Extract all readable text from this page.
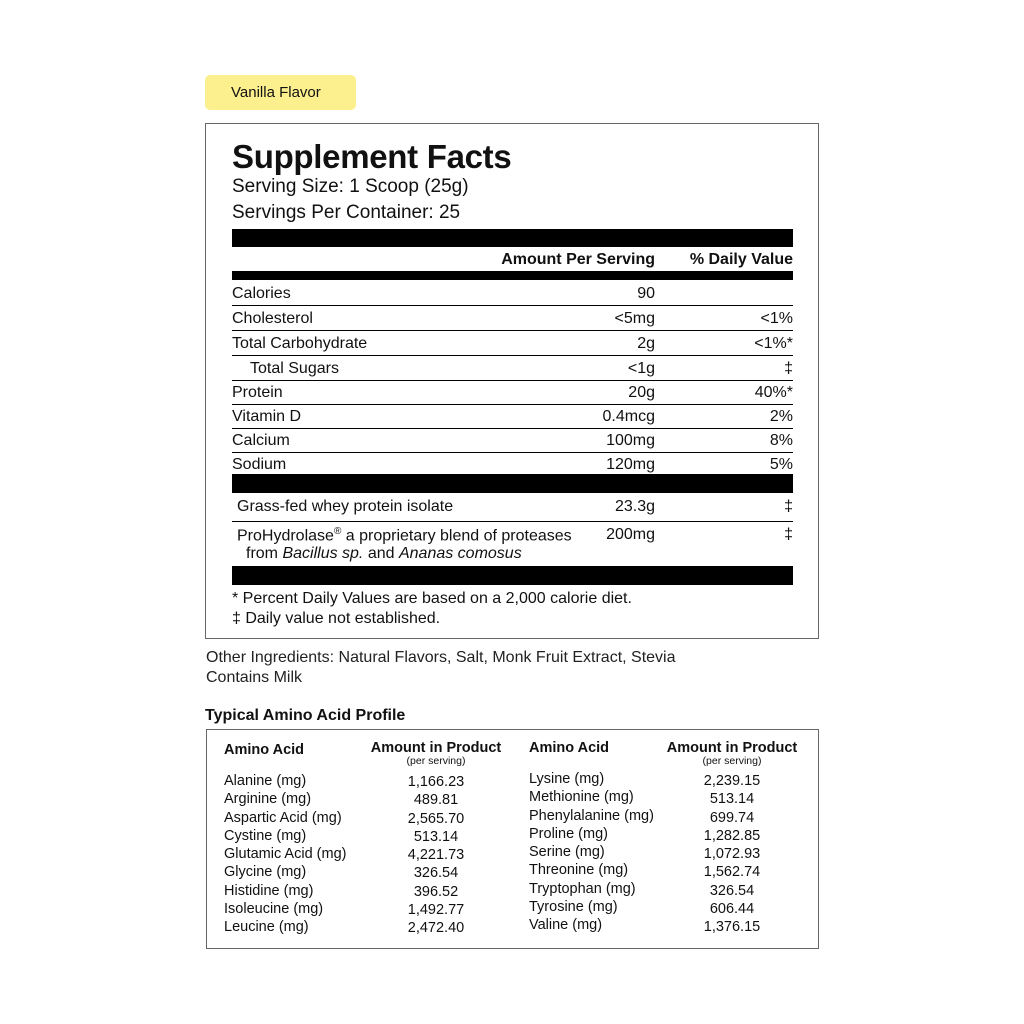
Vanilla Flavor
Supplement Facts
Serving Size: 1 Scoop (25g)
Servings Per Container: 25
Amount Per Serving % Daily Value
Calories	90
Cholesterol	<5mg	<1%
Total Carbohydrate	2g	<1%*
Total Sugars	<1g	‡
Protein	20g	40%*
Vitamin D	0.4mcg	2%
Calcium	100mg	8%
Sodium	120mg	5%
Grass-fed whey protein isolate	23.3g	‡
ProHydrolase® a proprietary blend of proteases
from Bacillus sp. and Ananas comosus
200mg	‡
* Percent Daily Values are based on a 2,000 calorie diet.
‡ Daily value not established.
Other Ingredients: Natural Flavors, Salt, Monk Fruit Extract, Stevia
Contains Milk
Typical Amino Acid Profile
Amino Acid	Amount in Product
(per serving)
Alanine (mg)	1,166.23
Arginine (mg)	489.81
Aspartic Acid (mg)	2,565.70
Cystine (mg)	513.14
Glutamic Acid (mg)	4,221.73
Glycine (mg)	326.54
Histidine (mg)	396.52
Isoleucine (mg)	1,492.77
Leucine (mg)	2,472.40
Amino Acid	Amount in Product
(per serving)
Lysine (mg)	2,239.15
Methionine (mg)	513.14
Phenylalanine (mg)	699.74
Proline (mg)	1,282.85
Serine (mg)	1,072.93
Threonine (mg)	1,562.74
Tryptophan (mg)	326.54
Tyrosine (mg)	606.44
Valine (mg)	1,376.15
